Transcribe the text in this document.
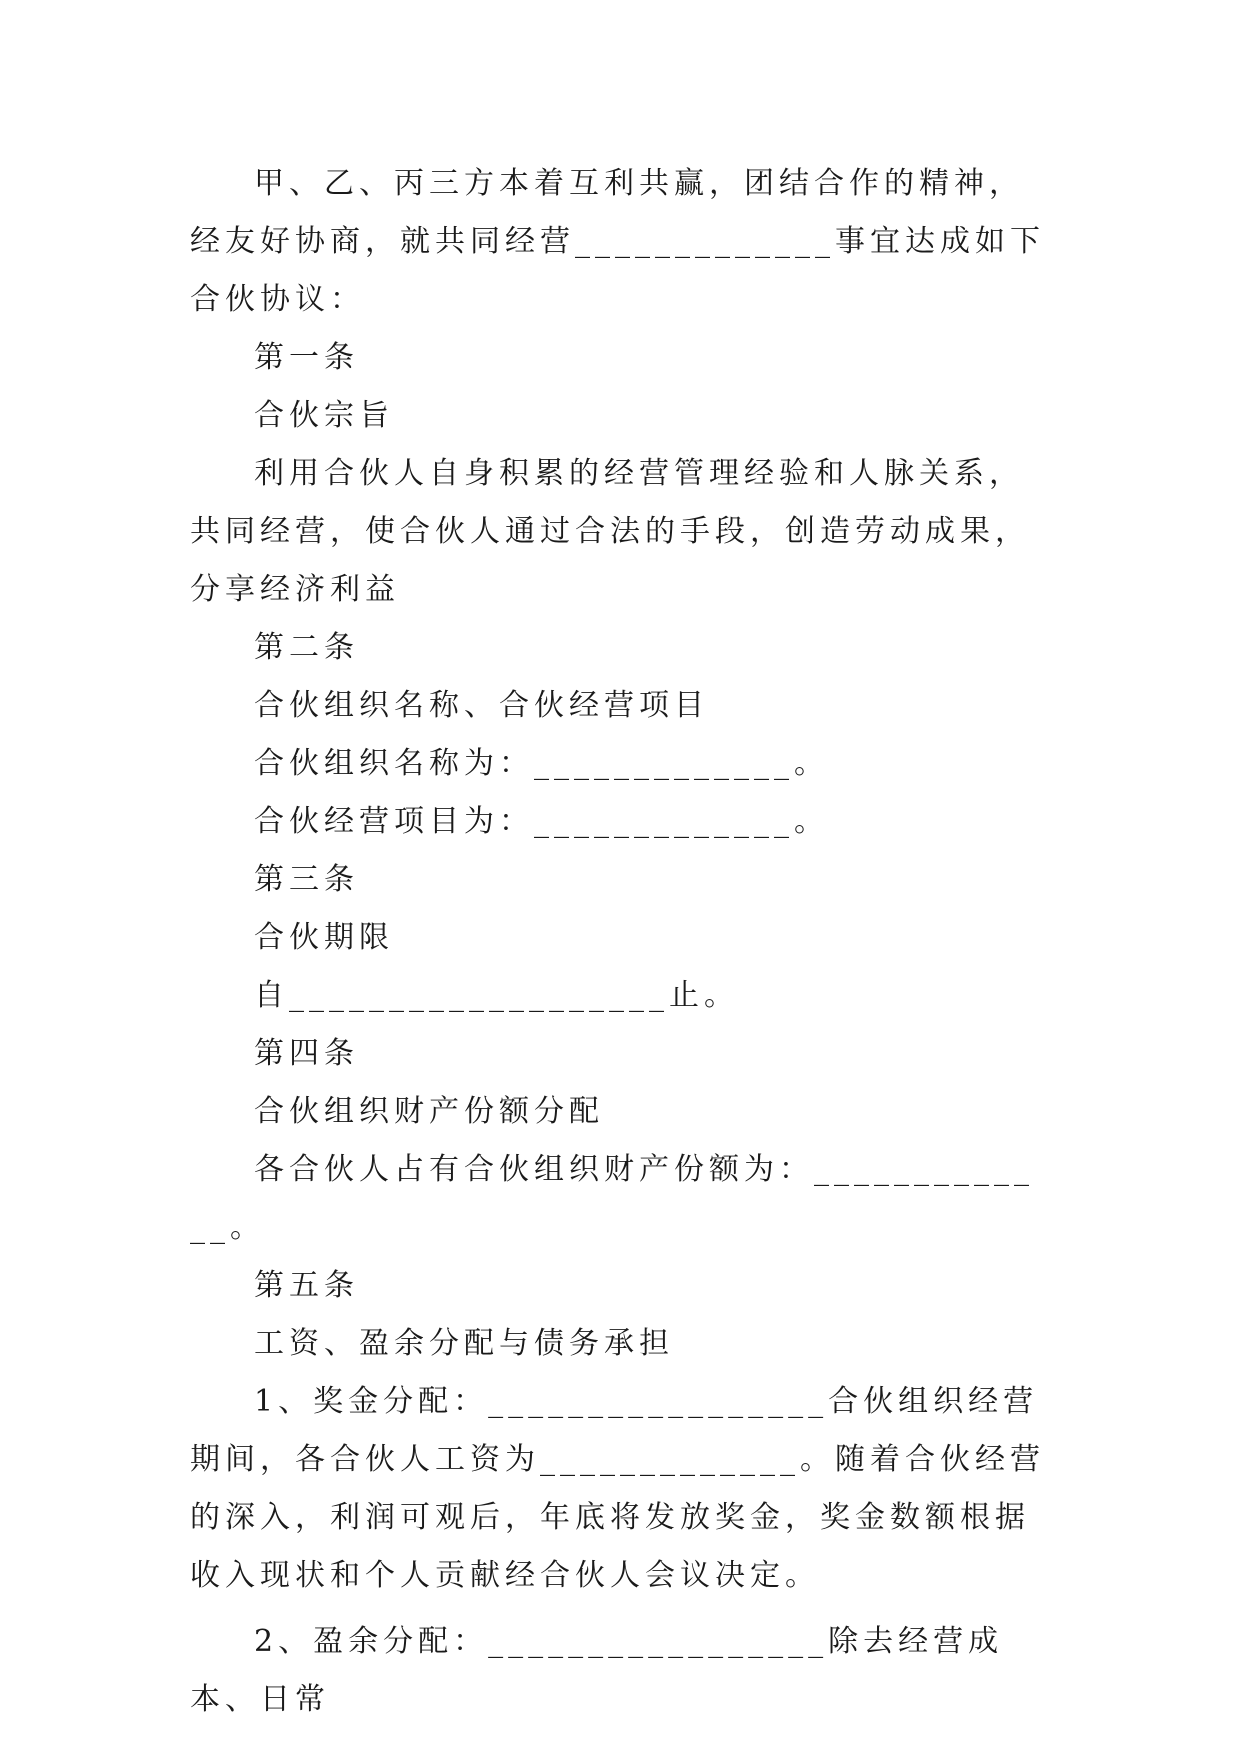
甲、乙、丙三方本着互利共赢，团结合作的精神，经友好协商，就共同经营_____________事宜达成如下合伙协议：

第一条

合伙宗旨

利用合伙人自身积累的经营管理经验和人脉关系，共同经营，使合伙人通过合法的手段，创造劳动成果，分享经济利益

第二条

合伙组织名称、合伙经营项目

合伙组织名称为：_____________。

合伙经营项目为：_____________。

第三条

合伙期限

自___________________止。

第四条

合伙组织财产份额分配

各合伙人占有合伙组织财产份额为：_____________。

第五条

工资、盈余分配与债务承担

1、奖金分配：_________________合伙组织经营期间，各合伙人工资为_____________。随着合伙经营的深入，利润可观后，年底将发放奖金，奖金数额根据收入现状和个人贡献经合伙人会议决定。

2、盈余分配：_________________除去经营成本、日常
